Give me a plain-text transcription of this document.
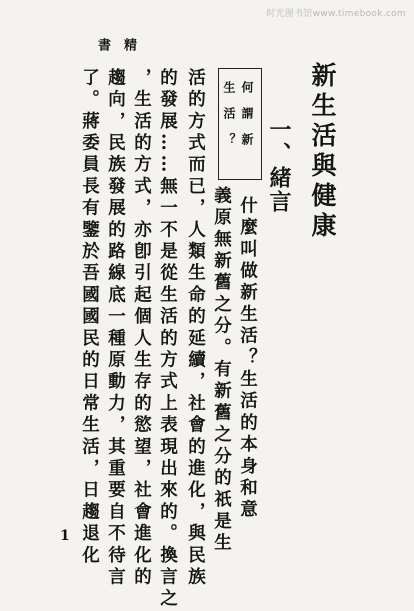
时光图书馆www.timebook.com
書 精
新生活與健康
一、緒言
何謂新
生活？
什麼叫做新生活？生活的本身和意
義原無新舊之分。有新舊之分的祇是生
活的方式而已，人類生命的延續，社會的進化，與民族
的發展……無一不是從生活的方式上表現出來的。換言之
，生活的方式，亦卽引起個人生存的慾望，社會進化的
趨向，民族發展的路線底一種原動力，其重要自不待言
了。蔣委員長有鑒於吾國國民的日常生活，日趨退化
1
